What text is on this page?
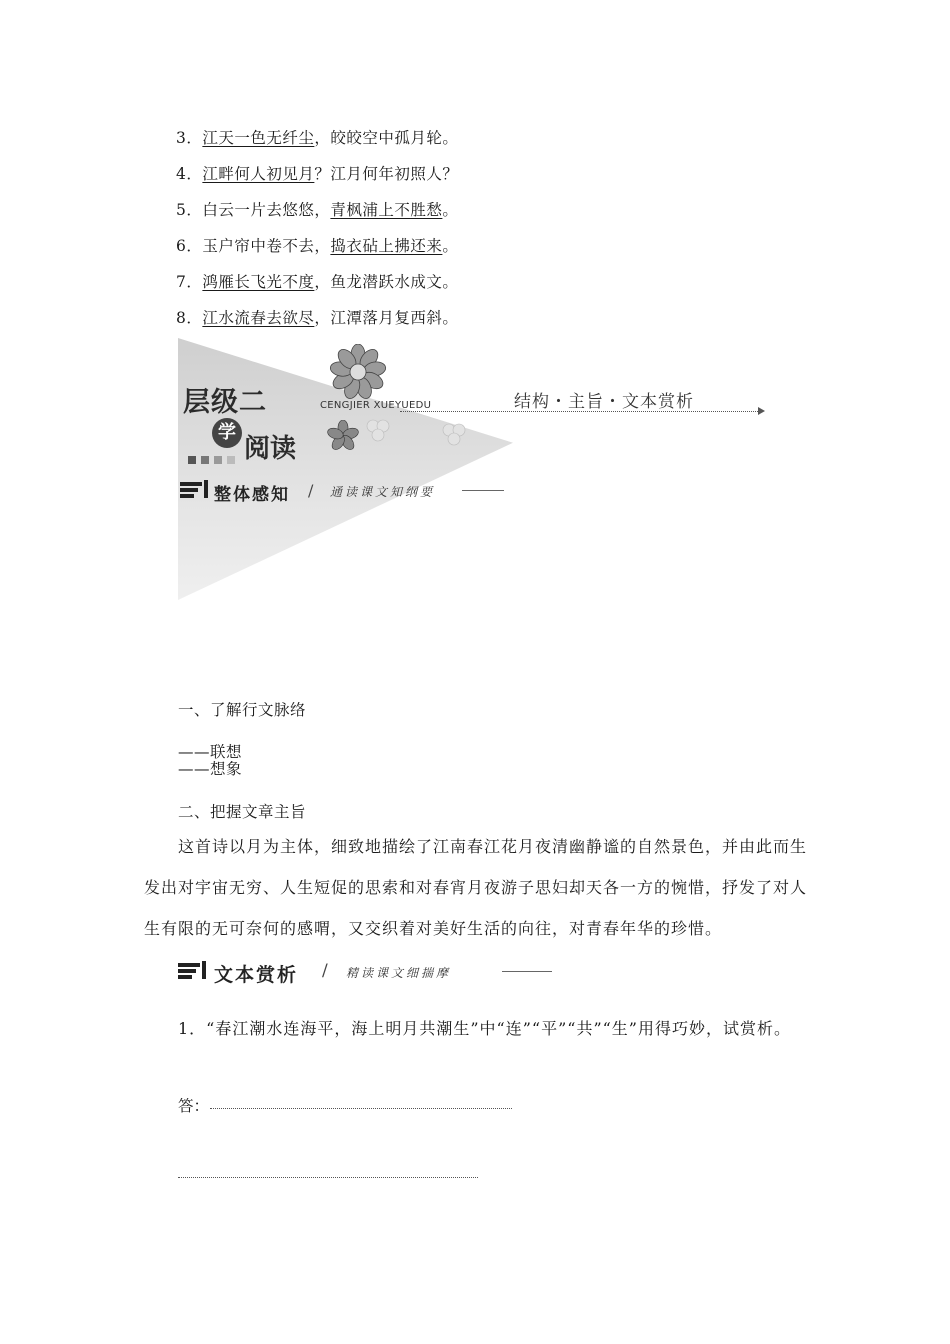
3．江天一色无纤尘，皎皎空中孤月轮。
4．江畔何人初见月？江月何年初照人？
5．白云一片去悠悠，青枫浦上不胜愁。
6．玉户帘中卷不去，捣衣砧上拂还来。
7．鸿雁长飞光不度，鱼龙潜跃水成文。
8．江水流春去欲尽，江潭落月复西斜。
层级二
学
阅读
CENGJIER XUEYUEDU	结构・主旨・文本赏析
整体感知 / 通读课文知纲要
一、了解行文脉络
——联想
——想象
二、把握文章主旨
这首诗以月为主体，细致地描绘了江南春江花月夜清幽静谧的自然景色，并由此而生发出对宇宙无穷、人生短促的思索和对春宵月夜游子思妇却天各一方的惋惜，抒发了对人生有限的无可奈何的感喟，又交织着对美好生活的向往，对青春年华的珍惜。
文本赏析 / 精读课文细揣摩
1．“春江潮水连海平，海上明月共潮生”中“连”“平”“共”“生”用得巧妙，试赏析。
答：
